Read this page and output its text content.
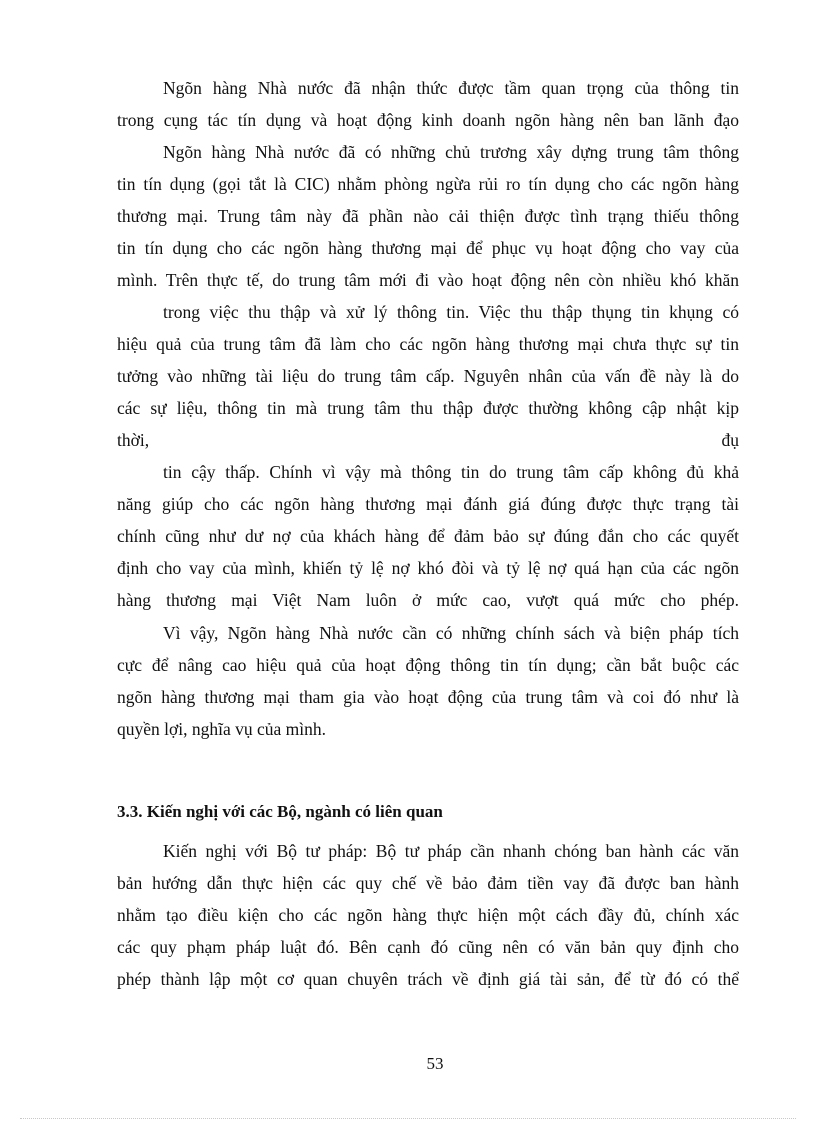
Ngõn hàng Nhà nước đã nhận thức được tầm quan trọng của thông tin
trong cụng tác tín dụng và hoạt động kinh doanh ngõn hàng nên ban lãnh đạo
Ngõn hàng Nhà nước đã có những chủ trương xây dựng trung tâm thông
tin tín dụng (gọi tắt là CIC) nhằm phòng ngừa rủi ro tín dụng cho các ngõn hàng
thương mại. Trung tâm này đã phần nào cải thiện được tình trạng thiếu thông
tin tín dụng cho các ngõn hàng thương mại để phục vụ hoạt động cho vay của
mình. Trên thực tế, do trung tâm mới đi vào hoạt động nên còn nhiều khó khăn
trong việc thu thập và xử lý thông tin. Việc thu thập thụng tin khụng có
hiệu quả của trung tâm đã làm cho các ngõn hàng thương mại chưa thực sự tin
tưởng vào những tài liệu do trung tâm cấp. Nguyên nhân của vấn đề này là do
các sự liệu, thông tin mà trung tâm thu thập được thường không cập nhật kịp
thời,	đụ
tin cậy thấp. Chính vì vậy mà thông tin do trung tâm cấp không đủ khả
năng giúp cho các ngõn hàng thương mại đánh giá đúng được thực trạng tài
chính cũng như dư nợ của khách hàng để đảm bảo sự đúng đắn cho các quyết
định cho vay của mình, khiến tỷ lệ nợ khó đòi và tỷ lệ nợ quá hạn của các ngõn
hàng thương mại Việt Nam luôn ở mức cao, vượt quá mức cho phép.
Vì vậy, Ngõn hàng Nhà nước cần có những chính sách và biện pháp tích
cực để nâng cao hiệu quả của hoạt động thông tin tín dụng; cần bắt buộc các
ngõn hàng thương mại tham gia vào hoạt động của trung tâm và coi đó như là
quyền lợi, nghĩa vụ của mình.
3.3. Kiến nghị với các Bộ, ngành có liên quan
Kiến nghị với Bộ tư pháp: Bộ tư pháp cần nhanh chóng ban hành các văn
bản hướng dẫn thực hiện các quy chế về bảo đảm tiền vay đã được ban hành
nhằm tạo điều kiện cho các ngõn hàng thực hiện một cách đầy đủ, chính xác
các quy phạm pháp luật đó. Bên cạnh đó cũng nên có văn bản quy định cho
phép thành lập một cơ quan chuyên trách về định giá tài sản, để từ đó có thể
53
